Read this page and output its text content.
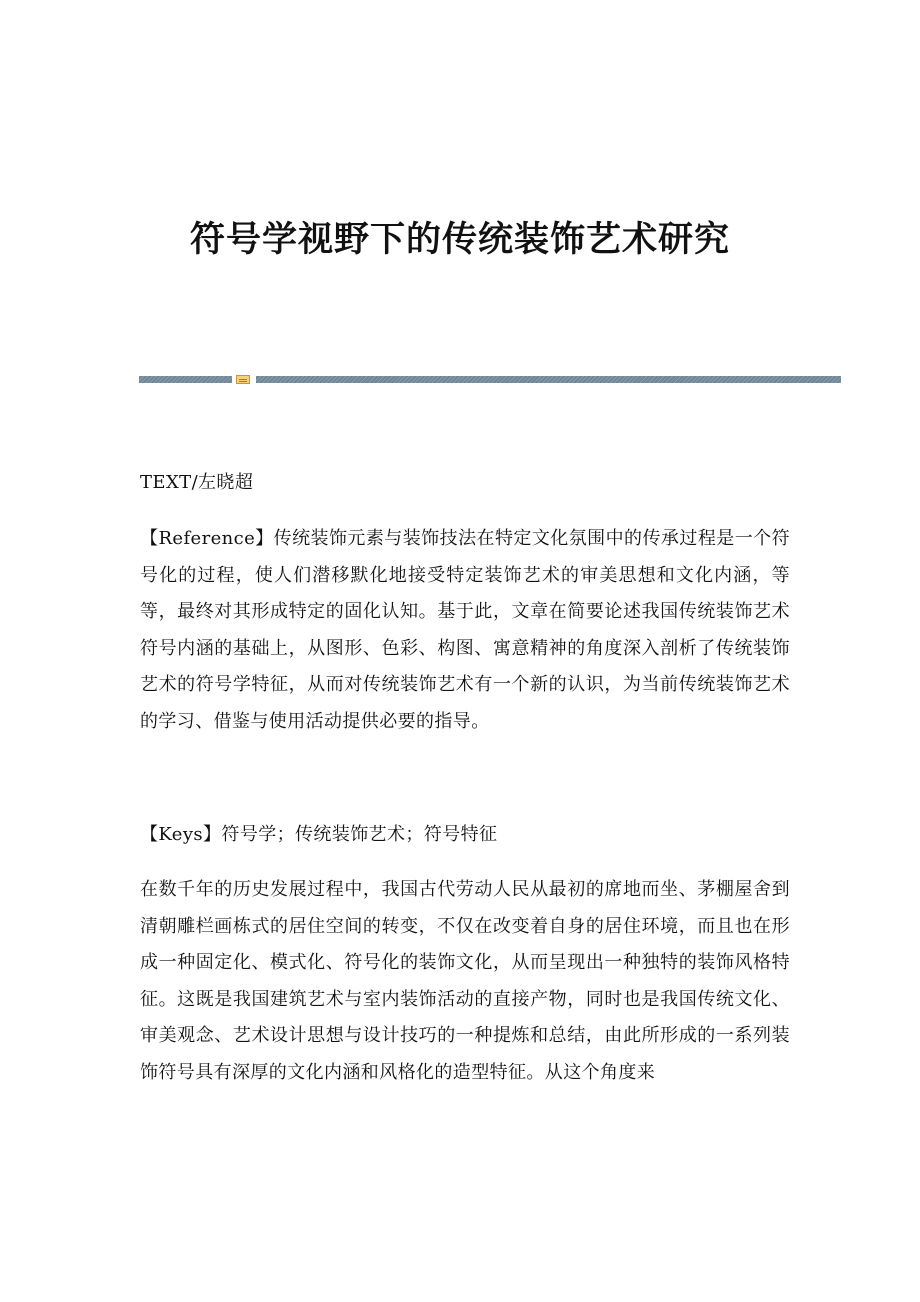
符号学视野下的传统装饰艺术研究

TEXT/左晓超

【Reference】传统装饰元素与装饰技法在特定文化氛围中的传承过程是一个符号化的过程，使人们潜移默化地接受特定装饰艺术的审美思想和文化内涵，等等，最终对其形成特定的固化认知。基于此，文章在简要论述我国传统装饰艺术符号内涵的基础上，从图形、色彩、构图、寓意精神的角度深入剖析了传统装饰艺术的符号学特征，从而对传统装饰艺术有一个新的认识，为当前传统装饰艺术的学习、借鉴与使用活动提供必要的指导。

【Keys】符号学；传统装饰艺术；符号特征

在数千年的历史发展过程中，我国古代劳动人民从最初的席地而坐、茅棚屋舍到清朝雕栏画栋式的居住空间的转变，不仅在改变着自身的居住环境，而且也在形成一种固定化、模式化、符号化的装饰文化，从而呈现出一种独特的装饰风格特征。这既是我国建筑艺术与室内装饰活动的直接产物，同时也是我国传统文化、审美观念、艺术设计思想与设计技巧的一种提炼和总结，由此所形成的一系列装饰符号具有深厚的文化内涵和风格化的造型特征。从这个角度来
